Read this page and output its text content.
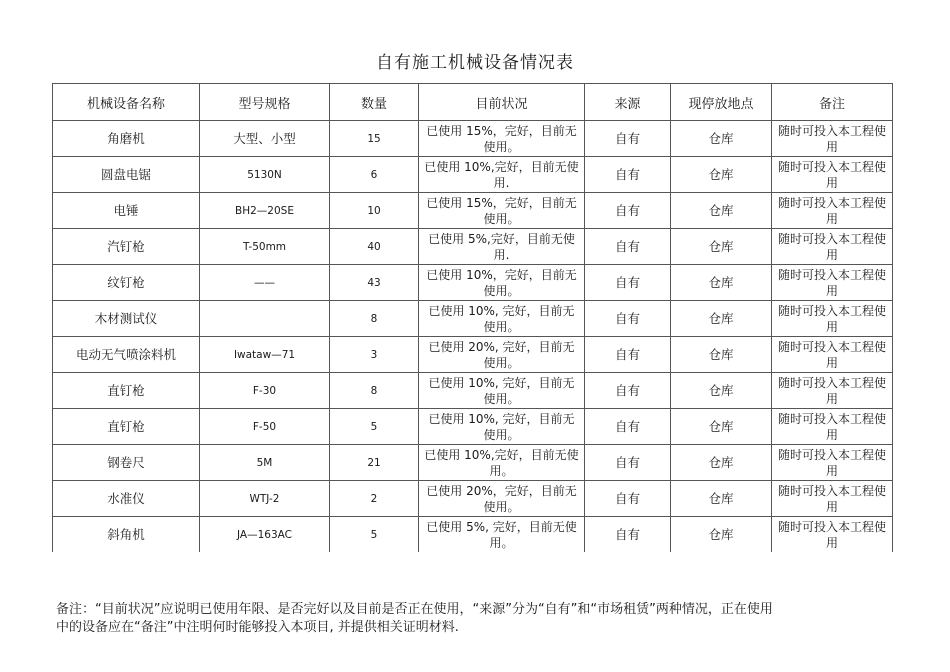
自有施工机械设备情况表
机械设备名称	型号规格	数量	目前状况	来源	现停放地点	备注
角磨机	大型、小型	15	已使用 15%，完好，目前无使用。	自有	仓库	随时可投入本工程使用
圆盘电锯	5130N	6	已使用 10%,完好，目前无使用.	自有	仓库	随时可投入本工程使用
电锤	BH2—20SE	10	已使用 15%，完好，目前无使用。	自有	仓库	随时可投入本工程使用
汽钉枪	T-50mm	40	已使用 5%,完好，目前无使用.	自有	仓库	随时可投入本工程使用
纹钉枪	——	43	已使用 10%，完好，目前无使用。	自有	仓库	随时可投入本工程使用
木材测试仪		8	已使用 10%, 完好，目前无使用。	自有	仓库	随时可投入本工程使用
电动无气喷涂料机	Iwataw—71	3	已使用 20%, 完好，目前无使用。	自有	仓库	随时可投入本工程使用
直钉枪	F-30	8	已使用 10%, 完好，目前无使用。	自有	仓库	随时可投入本工程使用
直钉枪	F-50	5	已使用 10%, 完好，目前无使用。	自有	仓库	随时可投入本工程使用
钢卷尺	5M	21	已使用 10%,完好，目前无使用。	自有	仓库	随时可投入本工程使用
水准仪	WTJ-2	2	已使用 20%，完好，目前无使用。	自有	仓库	随时可投入本工程使用
斜角机	JA—163AC	5	已使用 5%, 完好，目前无使用。	自有	仓库	随时可投入本工程使用
备注：“目前状况”应说明已使用年限、是否完好以及目前是否正在使用，“来源”分为“自有”和“市场租赁”两种情况，正在使用
中的设备应在“备注”中注明何时能够投入本项目, 并提供相关证明材料.
